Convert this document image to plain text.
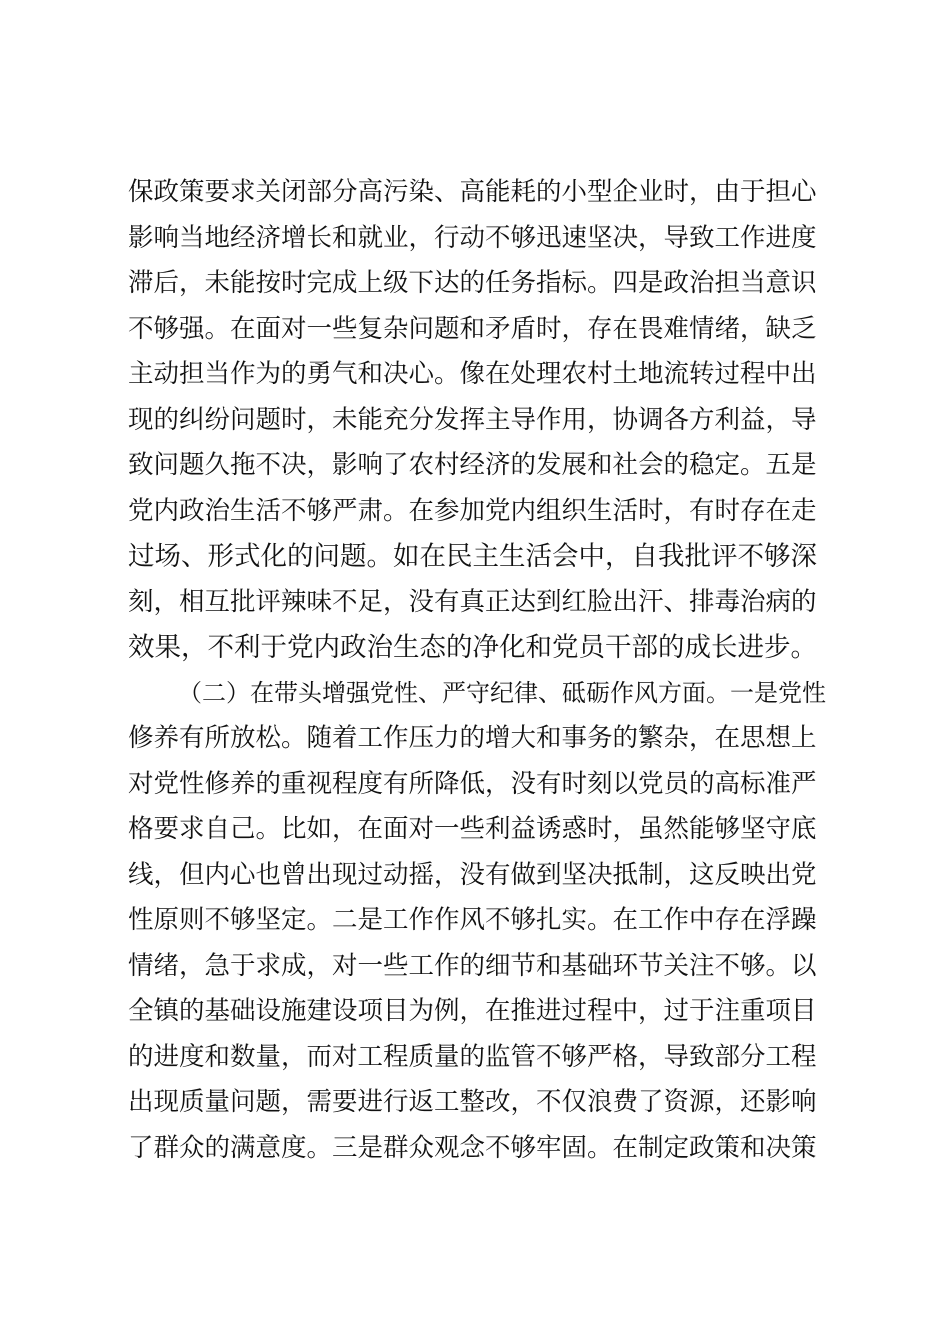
保政策要求关闭部分高污染、高能耗的小型企业时，由于担心
影响当地经济增长和就业，行动不够迅速坚决，导致工作进度
滞后，未能按时完成上级下达的任务指标。四是政治担当意识
不够强。在面对一些复杂问题和矛盾时，存在畏难情绪，缺乏
主动担当作为的勇气和决心。像在处理农村土地流转过程中出
现的纠纷问题时，未能充分发挥主导作用，协调各方利益，导
致问题久拖不决，影响了农村经济的发展和社会的稳定。五是
党内政治生活不够严肃。在参加党内组织生活时，有时存在走
过场、形式化的问题。如在民主生活会中，自我批评不够深
刻，相互批评辣味不足，没有真正达到红脸出汗、排毒治病的
效果，不利于党内政治生态的净化和党员干部的成长进步。
（二）在带头增强党性、严守纪律、砥砺作风方面。一是党性
修养有所放松。随着工作压力的增大和事务的繁杂，在思想上
对党性修养的重视程度有所降低，没有时刻以党员的高标准严
格要求自己。比如，在面对一些利益诱惑时，虽然能够坚守底
线，但内心也曾出现过动摇，没有做到坚决抵制，这反映出党
性原则不够坚定。二是工作作风不够扎实。在工作中存在浮躁
情绪，急于求成，对一些工作的细节和基础环节关注不够。以
全镇的基础设施建设项目为例，在推进过程中，过于注重项目
的进度和数量，而对工程质量的监管不够严格，导致部分工程
出现质量问题，需要进行返工整改，不仅浪费了资源，还影响
了群众的满意度。三是群众观念不够牢固。在制定政策和决策
